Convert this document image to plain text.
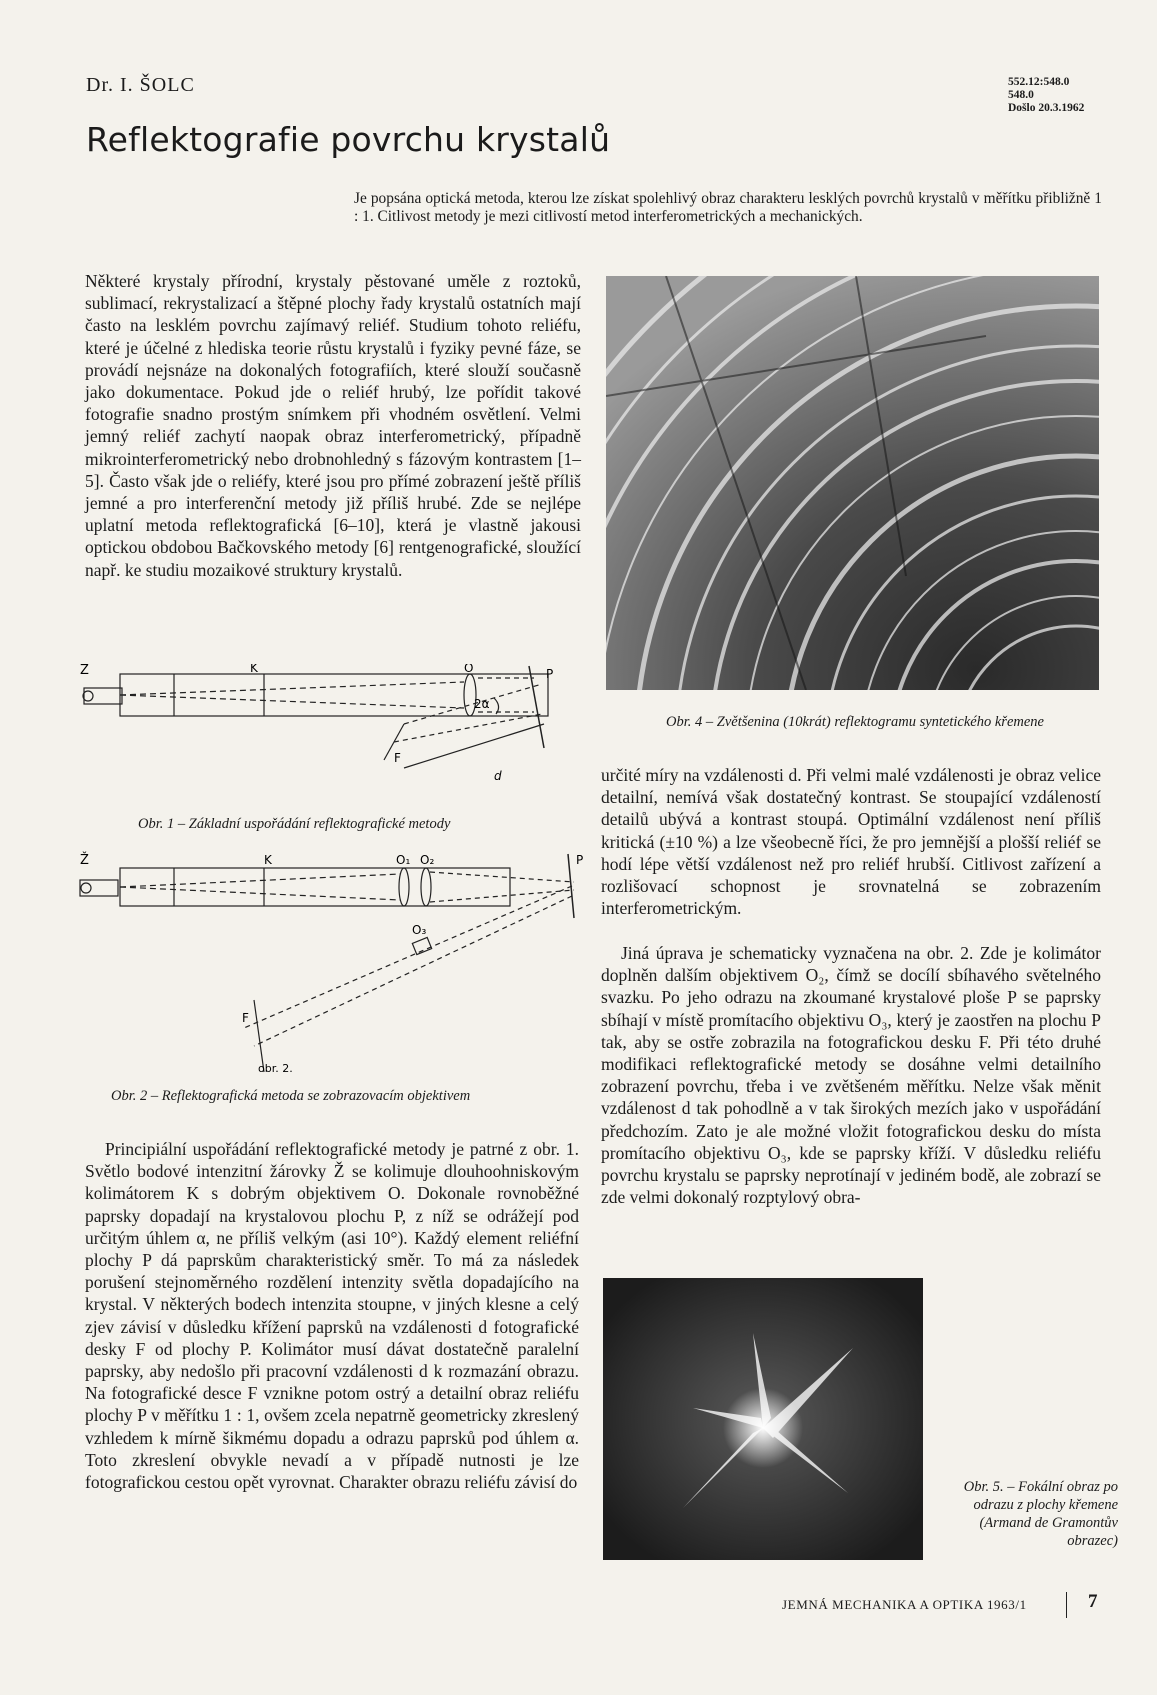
Dr. I. ŠOLC	552.12:548.0
548.0
Došlo 20.3.1962
Reflektografie povrchu krystalů
Je popsána optická metoda, kterou lze získat spolehlivý obraz charakteru lesklých povrchů krystalů v měřítku přibližně 1 : 1. Citlivost metody je mezi citlivostí metod interferometrických a mechanických.
Některé krystaly přírodní, krystaly pěstované uměle z roztoků, sublimací, rekrystalizací a štěpné plochy řady krystalů ostatních mají často na lesklém povrchu zajímavý reliéf. Studium tohoto reliéfu, které je účelné z hlediska teorie růstu krystalů i fyziky pevné fáze, se provádí nejsnáze na dokonalých fotografiích, které slouží současně jako dokumentace. Pokud jde o reliéf hrubý, lze pořídit takové fotografie snadno prostým snímkem při vhodném osvětlení. Velmi jemný reliéf zachytí naopak obraz interferometrický, případně mikrointerferometrický nebo drobnohledný s fázovým kontrastem [1–5]. Často však jde o reliéfy, které jsou pro přímé zobrazení ještě příliš jemné a pro interferenční metody již příliš hrubé. Zde se nejlépe uplatní metoda reflektografická [6–10], která je vlastně jakousi optickou obdobou Bačkovského metody [6] rentgenografické, sloužící např. ke studiu mozaikové struktury krystalů.
Ž	K	O	P
F
2α
d
Obr. 1 – Základní uspořádání reflektografické metody
Ž	K	O₁ O₂
O₃
P
F
obr. 2.
Obr. 2 – Reflektografická metoda se zobrazovacím objektivem
Principiální uspořádání reflektografické metody je patrné z obr. 1. Světlo bodové intenzitní žárovky Ž se kolimuje dlouhoohniskovým kolimátorem K s dobrým objektivem O. Dokonale rovnoběžné paprsky dopadají na krystalovou plochu P, z níž se odrážejí pod určitým úhlem α, ne příliš velkým (asi 10°). Každý element reliéfní plochy P dá paprskům charakteristický směr. To má za následek porušení stejnoměrného rozdělení intenzity světla dopadajícího na krystal. V některých bodech intenzita stoupne, v jiných klesne a celý zjev závisí v důsledku křížení paprsků na vzdálenosti d fotografické desky F od plochy P. Kolimátor musí dávat dostatečně paralelní paprsky, aby nedošlo při pracovní vzdálenosti d k rozmazání obrazu. Na fotografické desce F vznikne potom ostrý a detailní obraz reliéfu plochy P v měřítku 1 : 1, ovšem zcela nepatrně geometricky zkreslený vzhledem k mírně šikmému dopadu a odrazu paprsků pod úhlem α. Toto zkreslení obvykle nevadí a v případě nutnosti je lze fotografickou cestou opět vyrovnat. Charakter obrazu reliéfu závisí do
Obr. 4 – Zvětšenina (10krát) reflektogramu syntetického křemene
určité míry na vzdálenosti d. Při velmi malé vzdálenosti je obraz velice detailní, nemívá však dostatečný kontrast. Se stoupající vzdáleností detailů ubývá a kontrast stoupá. Optimální vzdálenost není příliš kritická (±10 %) a lze všeobecně říci, že pro jemnější a plošší reliéf se hodí lépe větší vzdálenost než pro reliéf hrubší. Citlivost zařízení a rozlišovací schopnost je srovnatelná se zobrazením interferometrickým.
Jiná úprava je schematicky vyznačena na obr. 2. Zde je kolimátor doplněn dalším objektivem O₂, čímž se docílí sbíhavého světelného svazku. Po jeho odrazu na zkoumané krystalové ploše P se paprsky sbíhají v místě promítacího objektivu O₃, který je zaostřen na plochu P tak, aby se ostře zobrazila na fotografickou desku F. Při této druhé modifikaci reflektografické metody se dosáhne velmi detailního zobrazení povrchu, třeba i ve zvětšeném měřítku. Nelze však měnit vzdálenost d tak pohodlně a v tak širokých mezích jako v uspořádání předchozím. Zato je ale možné vložit fotografickou desku do místa promítacího objektivu O₃, kde se paprsky kříží. V důsledku reliéfu povrchu krystalu se paprsky neprotínají v jediném bodě, ale zobrazí se zde velmi dokonalý rozptylový obra-
Obr. 5. – Fokální obraz po odrazu z plochy křemene (Armand de Gramontův obrazec)
JEMNÁ MECHANIKA A OPTIKA 1963/1	7
